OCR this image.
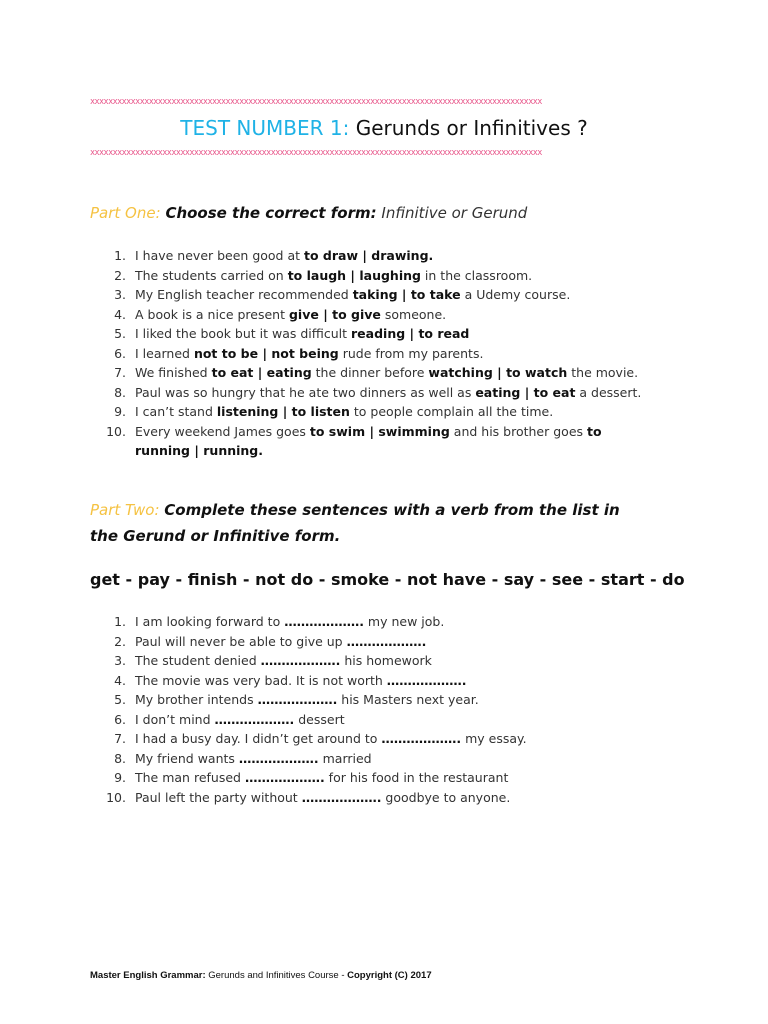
xxxxxxxxxxxxxxxxxxxxxxxxxxxxxxxxxxxxxxxxxxxxxxxxxxxxxxxxxxxxxxxxxxxxxxxxxxxxxxxxxxxxxxxxxxxxxxxxxxxx
TEST NUMBER 1: Gerunds or Infinitives ?
xxxxxxxxxxxxxxxxxxxxxxxxxxxxxxxxxxxxxxxxxxxxxxxxxxxxxxxxxxxxxxxxxxxxxxxxxxxxxxxxxxxxxxxxxxxxxxxxxxxx
Part One: Choose the correct form: Infinitive or Gerund
1. I have never been good at to draw | drawing.
2. The students carried on to laugh | laughing in the classroom.
3. My English teacher recommended taking | to take a Udemy course.
4. A book is a nice present give | to give someone.
5. I liked the book but it was difficult reading | to read
6. I learned not to be | not being rude from my parents.
7. We finished to eat | eating the dinner before watching | to watch the movie.
8. Paul was so hungry that he ate two dinners as well as eating | to eat a dessert.
9. I can’t stand listening | to listen to people complain all the time.
10. Every weekend James goes to swim | swimming and his brother goes to running | running.
Part Two: Complete these sentences with a verb from the list in the Gerund or Infinitive form.
get - pay - finish - not do - smoke - not have - say - see - start - do
1. I am looking forward to ………………. my new job.
2. Paul will never be able to give up ……………….
3. The student denied ………………. his homework
4. The movie was very bad. It is not worth ……………….
5. My brother intends ………………. his Masters next year.
6. I don’t mind ………………. dessert
7. I had a busy day. I didn’t get around to ………………. my essay.
8. My friend wants ………………. married
9. The man refused ………………. for his food in the restaurant
10. Paul left the party without ………………. goodbye to anyone.
Master English Grammar: Gerunds and Infinitives Course - Copyright (C) 2017
